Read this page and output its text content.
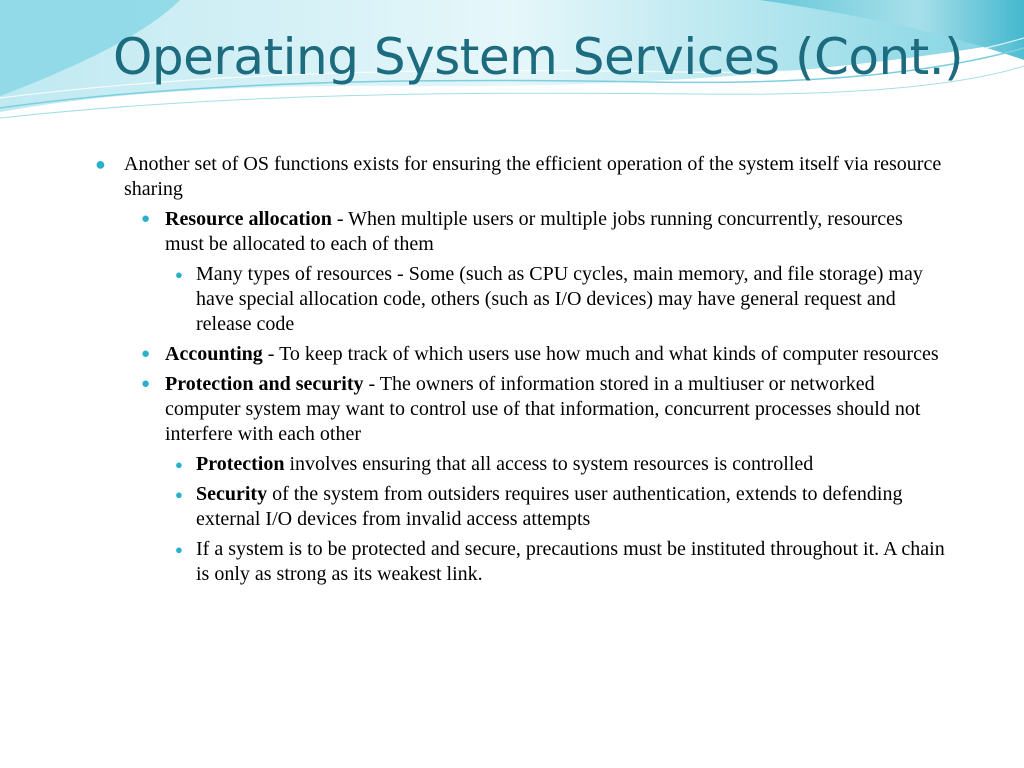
Operating System Services (Cont.)

● Another set of OS functions exists for ensuring the efficient operation of the system itself via resource sharing

● Resource allocation - When multiple users or multiple jobs running concurrently, resources must be allocated to each of them

● Many types of resources - Some (such as CPU cycles, main memory, and file storage) may have special allocation code, others (such as I/O devices) may have general request and release code

● Accounting - To keep track of which users use how much and what kinds of computer resources

● Protection and security - The owners of information stored in a multiuser or networked computer system may want to control use of that information, concurrent processes should not interfere with each other

● Protection involves ensuring that all access to system resources is controlled

● Security of the system from outsiders requires user authentication, extends to defending external I/O devices from invalid access attempts

● If a system is to be protected and secure, precautions must be instituted throughout it. A chain is only as strong as its weakest link.
